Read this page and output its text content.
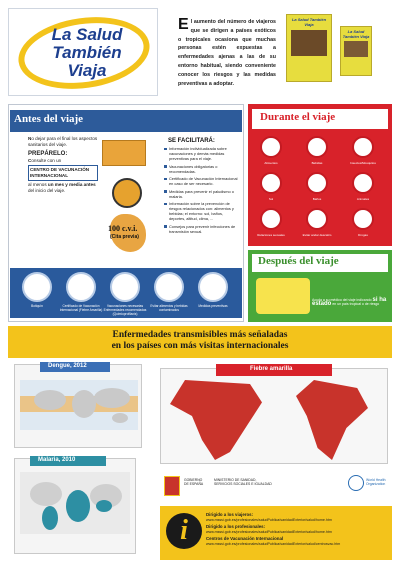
La Salud
También
Viaja
E l aumento del número de viajeros que se dirigen a países exóticos o tropicales ocasiona que muchas personas estén expuestas a enfermedades ajenas a las de su entorno habitual, siendo conveniente conocer los riesgos y las medidas preventivas a adoptar.
La Salud También Viaja
La Salud También Viaja
Antes del viaje
No dejar para el final los aspectos sanitarios del viaje.
PREPÁRELO:
Consulte con un
CENTRO DE VACUNACIÓN INTERNACIONAL
al menos un mes y media antes del inicio del viaje.
100 c.v.i.
(Cita previa)
SE FACILITARÁ:
Información individualizada sobre vacunaciones y demás medidas preventivas para el viaje.
Vacunaciones obligatorias o recomendadas.
Certificado de Vacunación Internacional en caso de ser necesario.
Medidas para prevenir el paludismo o malaria.
Información sobre la prevención de riesgos relacionados con: alimentos y bebidas; el entorno: sol, baños, deportes, altitud, clima, ...
Consejos para prevenir infecciones de transmisión sexual.
Botiquín	Certificado de Vacunación Internacional (Fiebre Amarilla)
Vacunaciones necesarias Enfermedades recomendadas (Quimioprofilaxis)
Evitar alimentos y bebidas contaminados
Medidas preventivas
Durante el viaje
Alimentos	Bebidas	Insectos/Mosquitos
Sol	Baños	Animales
Relaciones sexuales	Evitar andar descalzo	Drogas
Después del viaje
Acuda a su médico del viaje indicando si ha estado en un país tropical o de riesgo
Enfermedades transmisibles más señaladas
en los países con más visitas internacionales
Dengue, 2012
Malaria, 2010
Fiebre amarilla
GOBIERNO DE ESPAÑA
MINISTERIO DE SANIDAD, SERVICIOS SOCIALES E IGUALDAD
World Health Organization
i
Dirigido a los viajeros:
www.msssi.gob.es/profesionales/saludPublica/sanidadExterior/salud/home.htm
Dirigido a los profesionales:
www.msssi.gob.es/profesionales/saludPublica/sanidadExterior/salud/home.htm
Centros de Vacunación Internacional
www.msssi.gob.es/profesionales/saludPublica/sanidadExterior/salud/centrosvac.htm
